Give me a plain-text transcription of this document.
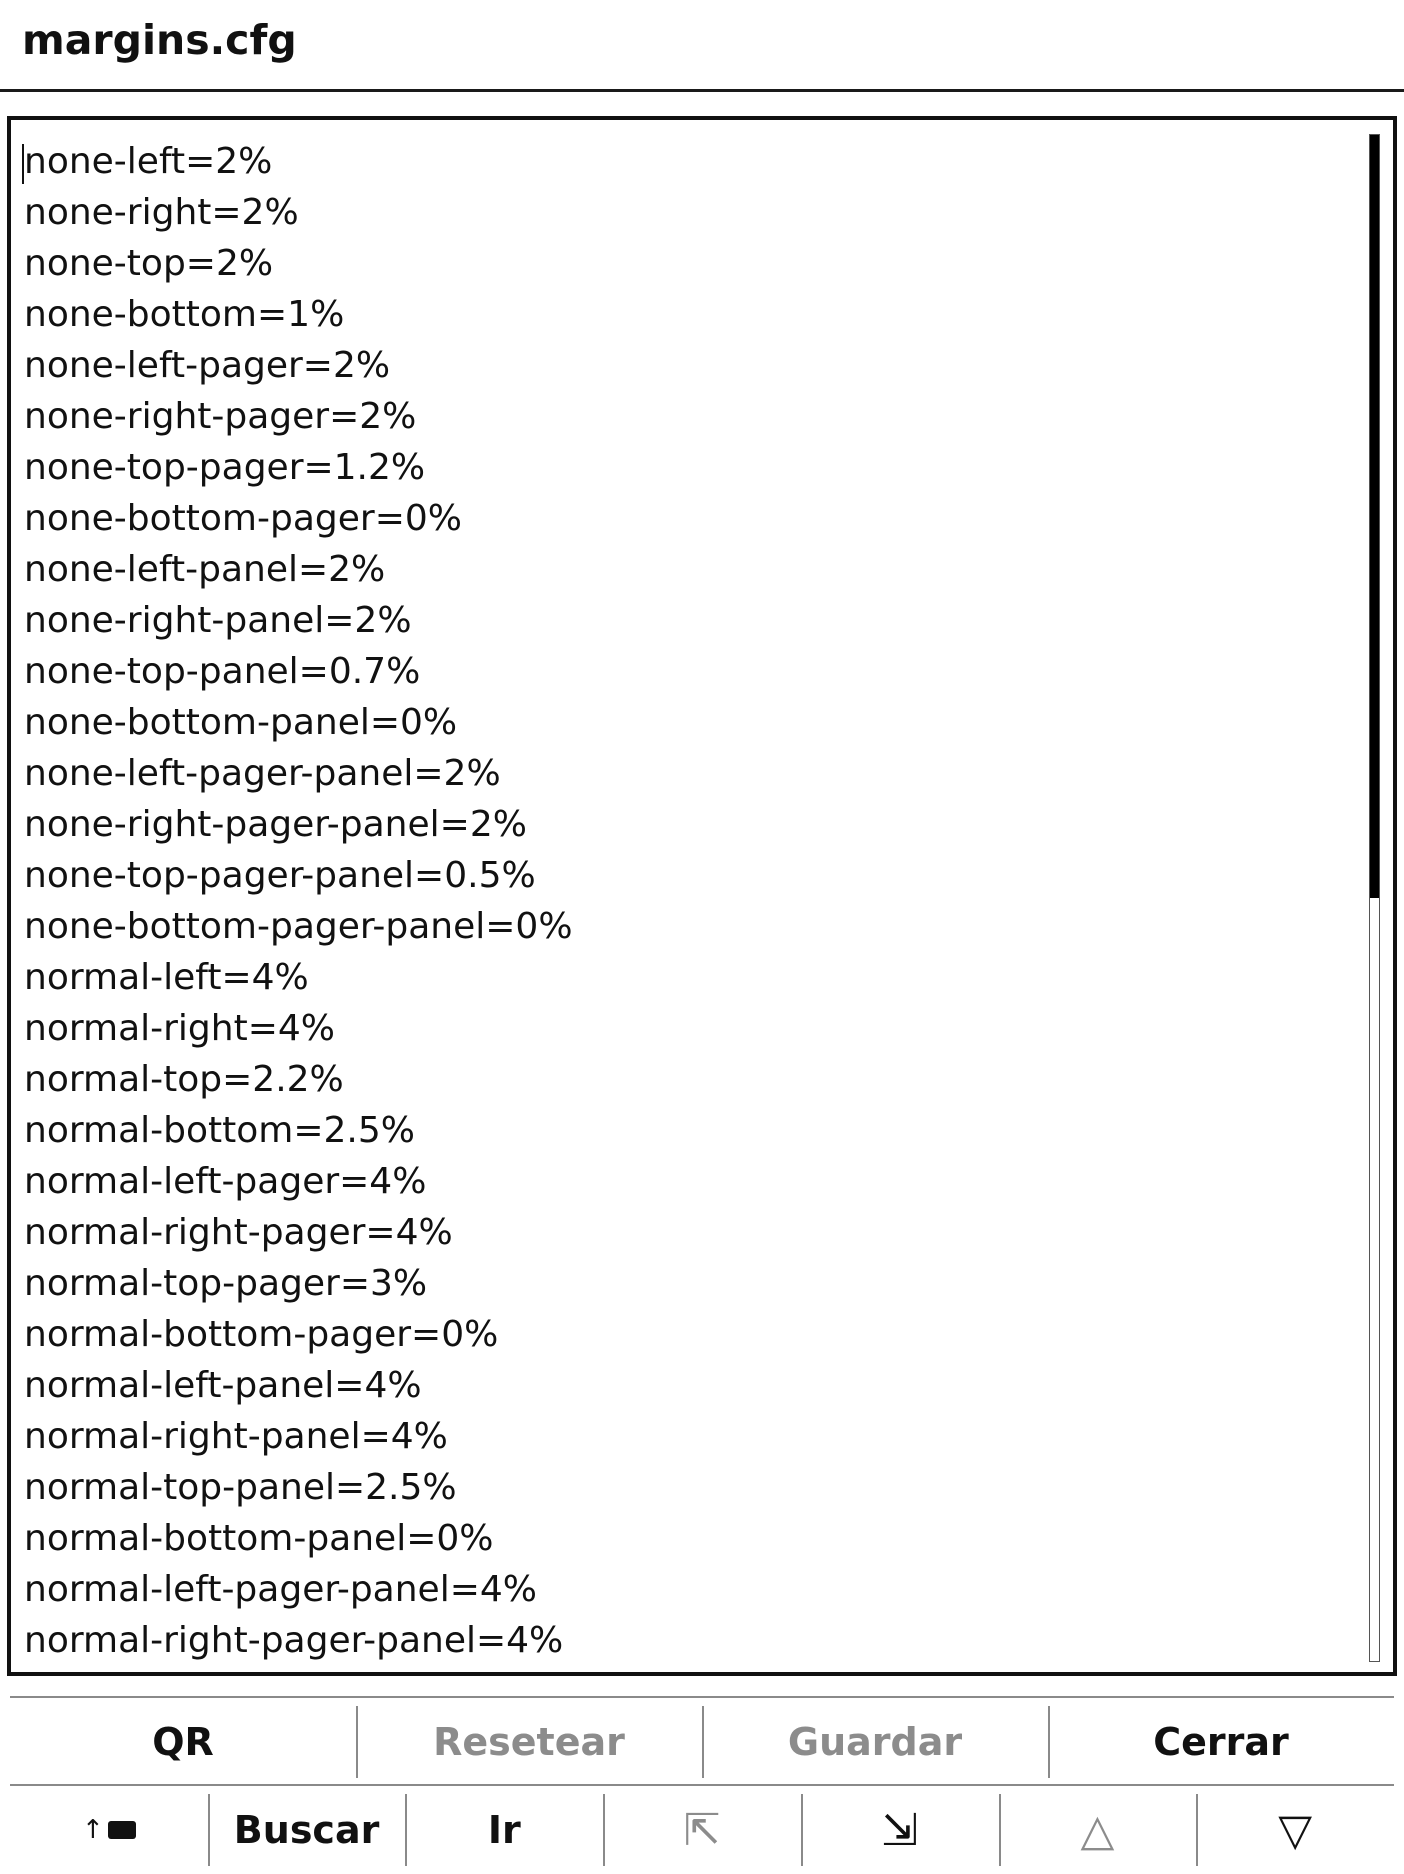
margins.cfg
none-left=2%
none-right=2%
none-top=2%
none-bottom=1%
none-left-pager=2%
none-right-pager=2%
none-top-pager=1.2%
none-bottom-pager=0%
none-left-panel=2%
none-right-panel=2%
none-top-panel=0.7%
none-bottom-panel=0%
none-left-pager-panel=2%
none-right-pager-panel=2%
none-top-pager-panel=0.5%
none-bottom-pager-panel=0%
normal-left=4%
normal-right=4%
normal-top=2.2%
normal-bottom=2.5%
normal-left-pager=4%
normal-right-pager=4%
normal-top-pager=3%
normal-bottom-pager=0%
normal-left-panel=4%
normal-right-panel=4%
normal-top-panel=2.5%
normal-bottom-panel=0%
normal-left-pager-panel=4%
normal-right-pager-panel=4%
QR	Resetear	Guardar	Cerrar
↑	Buscar	Ir	⇱	⇲	△	▽
